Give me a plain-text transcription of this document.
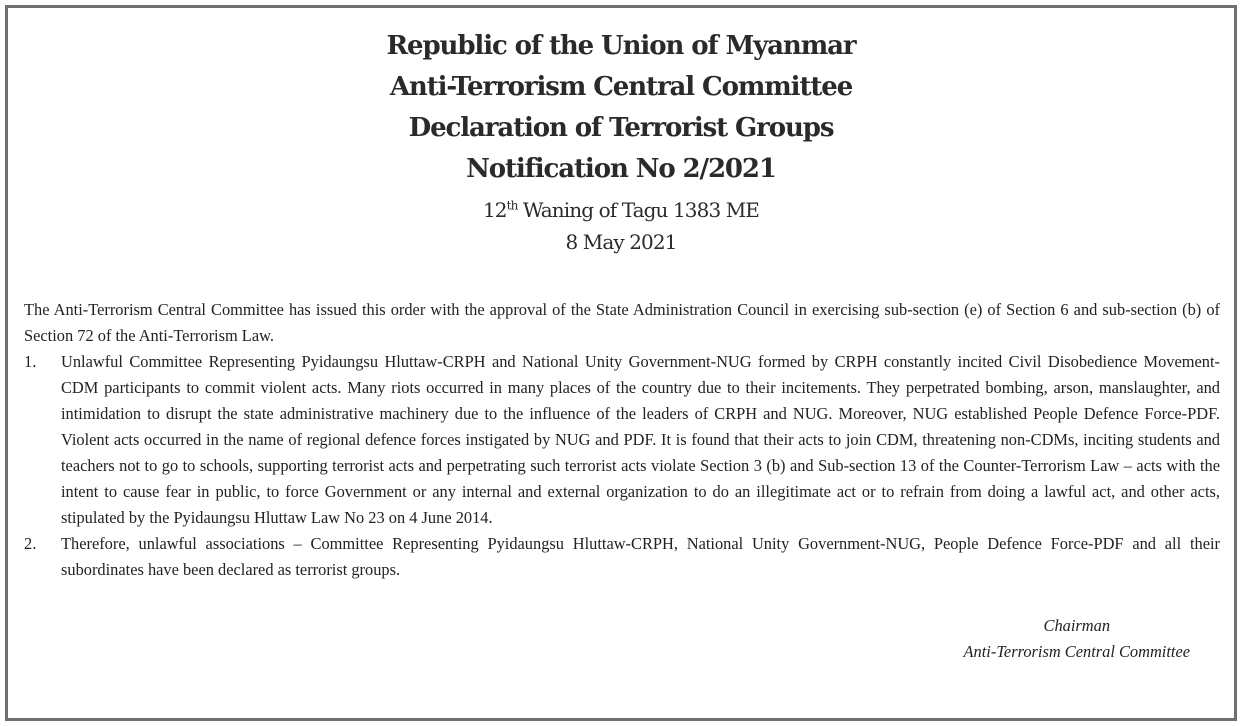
Republic of the Union of Myanmar
Anti-Terrorism Central Committee
Declaration of Terrorist Groups
Notification No 2/2021
12th Waning of Tagu 1383 ME
8 May 2021

The Anti-Terrorism Central Committee has issued this order with the approval of the State Administration Council in exercising sub-section (e) of Section 6 and sub-section (b) of Section 72 of the Anti-Terrorism Law.

1.	Unlawful Committee Representing Pyidaungsu Hluttaw-CRPH and National Unity Government-NUG formed by CRPH constantly incited Civil Disobedience Movement-CDM participants to commit violent acts. Many riots occurred in many places of the country due to their incitements. They perpetrated bombing, arson, manslaughter, and intimidation to disrupt the state administrative machinery due to the influence of the leaders of CRPH and NUG. Moreover, NUG established People Defence Force-PDF. Violent acts occurred in the name of regional defence forces instigated by NUG and PDF. It is found that their acts to join CDM, threatening non-CDMs, inciting students and teachers not to go to schools, supporting terrorist acts and perpetrating such terrorist acts violate Section 3 (b) and Sub-section 13 of the Counter-Terrorism Law – acts with the intent to cause fear in public, to force Government or any internal and external organization to do an illegitimate act or to refrain from doing a lawful act, and other acts, stipulated by the Pyidaungsu Hluttaw Law No 23 on 4 June 2014.
2.	Therefore, unlawful associations – Committee Representing Pyidaungsu Hluttaw-CRPH, National Unity Government-NUG, People Defence Force-PDF and all their subordinates have been declared as terrorist groups.
Chairman
Anti-Terrorism Central Committee
